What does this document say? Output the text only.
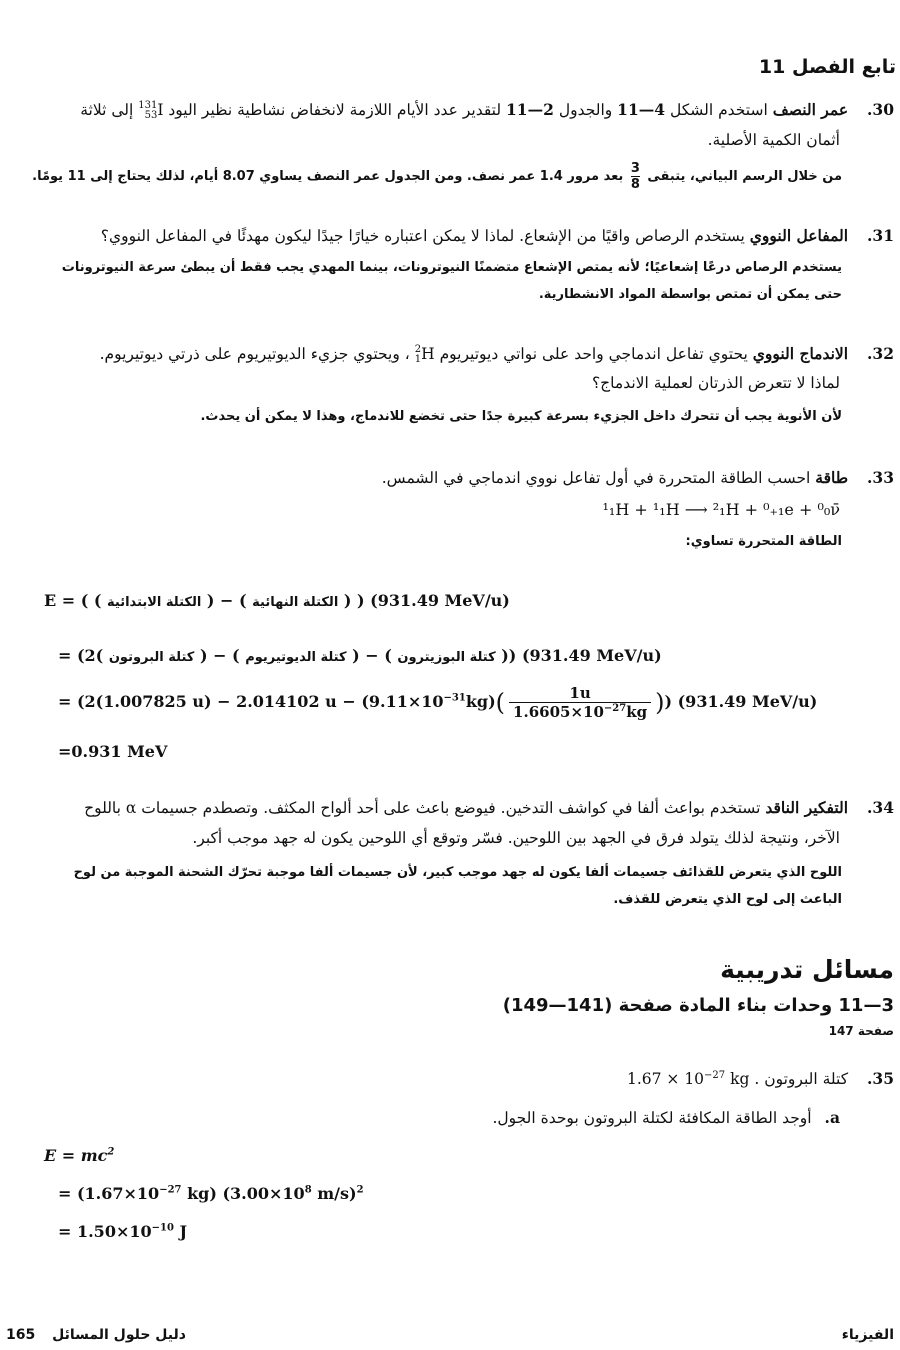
تابع الفصل 11
30. عمر النصف استخدم الشكل 4—11 والجدول 2—11 لتقدير عدد الأيام اللازمة لانخفاض نشاطية نظير اليود
131
53 I إلى ثلاثة
أثمان الكمية الأصلية.
من خلال الرسم البياني، يتبقى
$\frac{3}{8}$ بعد مرور 1.4 عمر نصف. ومن الجدول عمر النصف يساوي 8.07 أيام، لذلك يحتاج إلى 11 يومًا.
31. المفاعل النووي يستخدم الرصاص واقيًا من الإشعاع. لماذا لا يمكن اعتباره خيارًا جيدًا ليكون مهدئًا في المفاعل النووي؟
يستخدم الرصاص درعًا إشعاعيًا؛ لأنه يمتص الإشعاع متضمنًا النيوترونات، بينما المهدي يجب فقط أن يبطئ سرعة النيوترونات
حتى يمكن أن تمتص بواسطة المواد الانشطارية.
32. الاندماج النووي يحتوي تفاعل اندماجي واحد على نواتي ديوتيريوم 2
1H ، ويحتوي جزيء الديوتيريوم على ذرتي ديوتيريوم.
لماذا لا تتعرض الذرتان لعملية الاندماج؟
لأن الأنوية يجب أن تتحرك داخل الجزيء بسرعة كبيرة جدًا حتى تخضع للاندماج، وهذا لا يمكن أن يحدث.
33. طاقة احسب الطاقة المتحررة في أول تفاعل نووي اندماجي في الشمس.
¹₁H + ¹₁H ⟶ ²₁H + ⁰₊₁e + ⁰₀ν̄
الطاقة المتحررة تساوي:
E = ( ( الكتلة الابتدائية ) − ( الكتلة النهائية ) ) (931.49 MeV/u)
= (2( كتلة البروتون ) − ( كتلة الديوتيريوم ) − ( كتلة البوزيترون )) (931.49 MeV/u)
= (2(1.007825 u) − 2.014102 $u - (9.11\times 10^{-31}kg)( \frac{1u}{1.6605\times 10^{-27}kg}$ )) (931.49 MeV/u)
=0.931 MeV
34. التفكير الناقد تستخدم بواعث ألفا في كواشف التدخين. فيوضع باعث على أحد ألواح المكثف. وتصطدم جسيمات α باللوح
الآخر، ونتيجة لذلك يتولد فرق في الجهد بين اللوحين. فسّر وتوقع أي اللوحين يكون له جهد موجب أكبر.
اللوح الذي يتعرض للقذائف جسيمات ألفا يكون له جهد موجب كبير، لأن جسيمات ألفا موجبة تحرّك الشحنة الموجبة من لوح
الباعث إلى لوح الذي يتعرض للقذف.
مسائل تدريبية
3—11 وحدات بناء المادة صفحة (141—149)
صفحة 147
35. كتلة البروتون $1.67 \times 10^{-27}$ kg .
a. أوجد الطاقة المكافئة لكتلة البروتون بوحدة الجول.
$E = mc^2$
= ($1.67\times 10^{-27}$ kg) ($3.00\times 10^8$ m/s)$^2$
= $1.50\times 10^{-10}$ J
165 دليل حلول المسائل	الفيزياء
